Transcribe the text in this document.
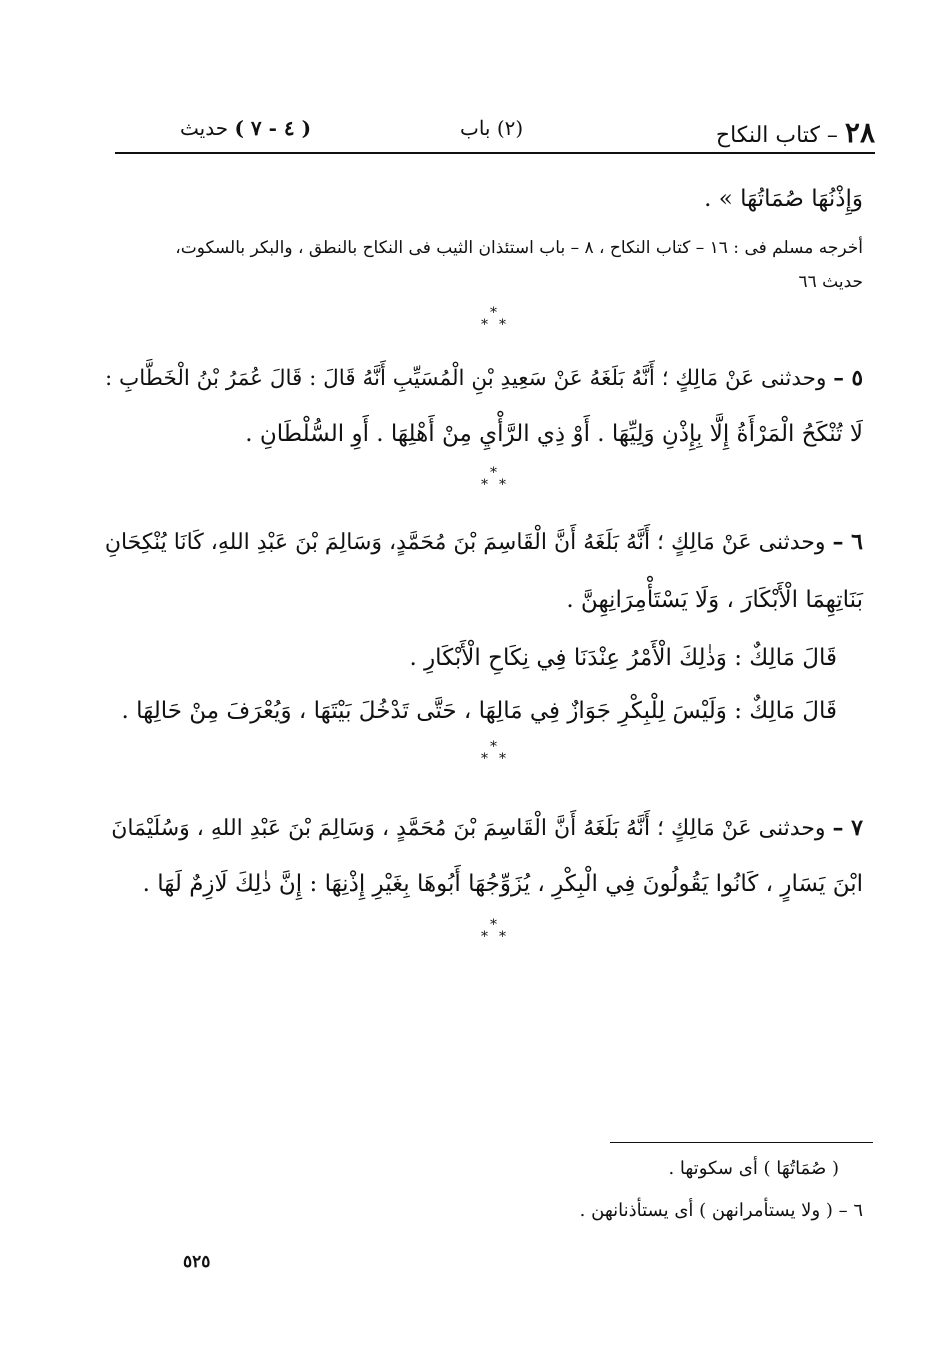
٢٨ – كتاب النكاح
(٢) باب
( ٤ - ٧ ) حديث
وَإِذْنُهَا صُمَاتُهَا » .
أخرجه مسلم فى : ١٦ – كتاب النكاح ، ٨ – باب استئذان الثيب فى النكاح بالنطق ، والبكر بالسكوت،
حديث ٦٦
*
* *
٥ – وحدثنى عَنْ مَالِكٍ ؛ أَنَّهُ بَلَغَهُ عَنْ سَعِيدِ بْنِ الْمُسَيِّبِ أَنَّهُ قَالَ : قَالَ عُمَرُ بْنُ الْخَطَّابِ :
لَا تُنْكَحُ الْمَرْأَةُ إِلَّا بِإِذْنِ وَلِيِّهَا . أَوْ ذِي الرَّأْيِ مِنْ أَهْلِهَا . أَوِ السُّلْطَانِ .
*
* *
٦ – وحدثنى عَنْ مَالِكٍ ؛ أَنَّهُ بَلَغَهُ أَنَّ الْقَاسِمَ بْنَ مُحَمَّدٍ، وَسَالِمَ بْنَ عَبْدِ اللهِ، كَانَا يُنْكِحَانِ
بَنَاتِهِمَا الْأَبْكَارَ ، وَلَا يَسْتَأْمِرَانِهِنَّ .
قَالَ مَالِكٌ : وَذٰلِكَ الْأَمْرُ عِنْدَنَا فِي نِكَاحِ الْأَبْكَارِ .
قَالَ مَالِكٌ : وَلَيْسَ لِلْبِكْرِ جَوَازٌ فِي مَالِهَا ، حَتَّى تَدْخُلَ بَيْتَهَا ، وَيُعْرَفَ مِنْ حَالِهَا .
*
* *
٧ – وحدثنى عَنْ مَالِكٍ ؛ أَنَّهُ بَلَغَهُ أَنَّ الْقَاسِمَ بْنَ مُحَمَّدٍ ، وَسَالِمَ بْنَ عَبْدِ اللهِ ، وَسُلَيْمَانَ
ابْنَ يَسَارٍ ، كَانُوا يَقُولُونَ فِي الْبِكْرِ ، يُزَوِّجُهَا أَبُوهَا بِغَيْرِ إِذْنِهَا : إِنَّ ذٰلِكَ لَازِمٌ لَهَا .
*
* *
( صُمَاتُهَا ) أى سكوتها .
٦ – ( ولا يستأمرانهن ) أى يستأذنانهن .
٥٢٥
